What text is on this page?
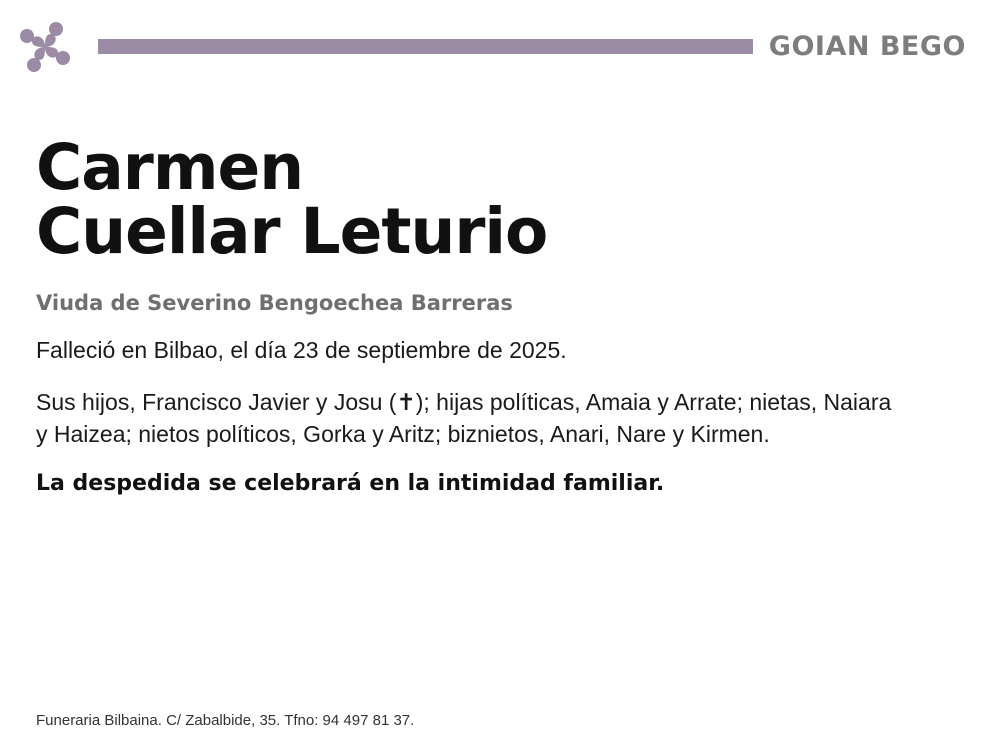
GOIAN BEGO
Carmen
Cuellar Leturio

Viuda de Severino Bengoechea Barreras

Falleció en Bilbao, el día 23 de septiembre de 2025.

Sus hijos, Francisco Javier y Josu (✝); hijas políticas, Amaia y Arrate; nietas, Naiara y Haizea; nietos políticos, Gorka y Aritz; biznietos, Anari, Nare y Kirmen.

La despedida se celebrará en la intimidad familiar.

Funeraria Bilbaina. C/ Zabalbide, 35. Tfno: 94 497 81 37.
